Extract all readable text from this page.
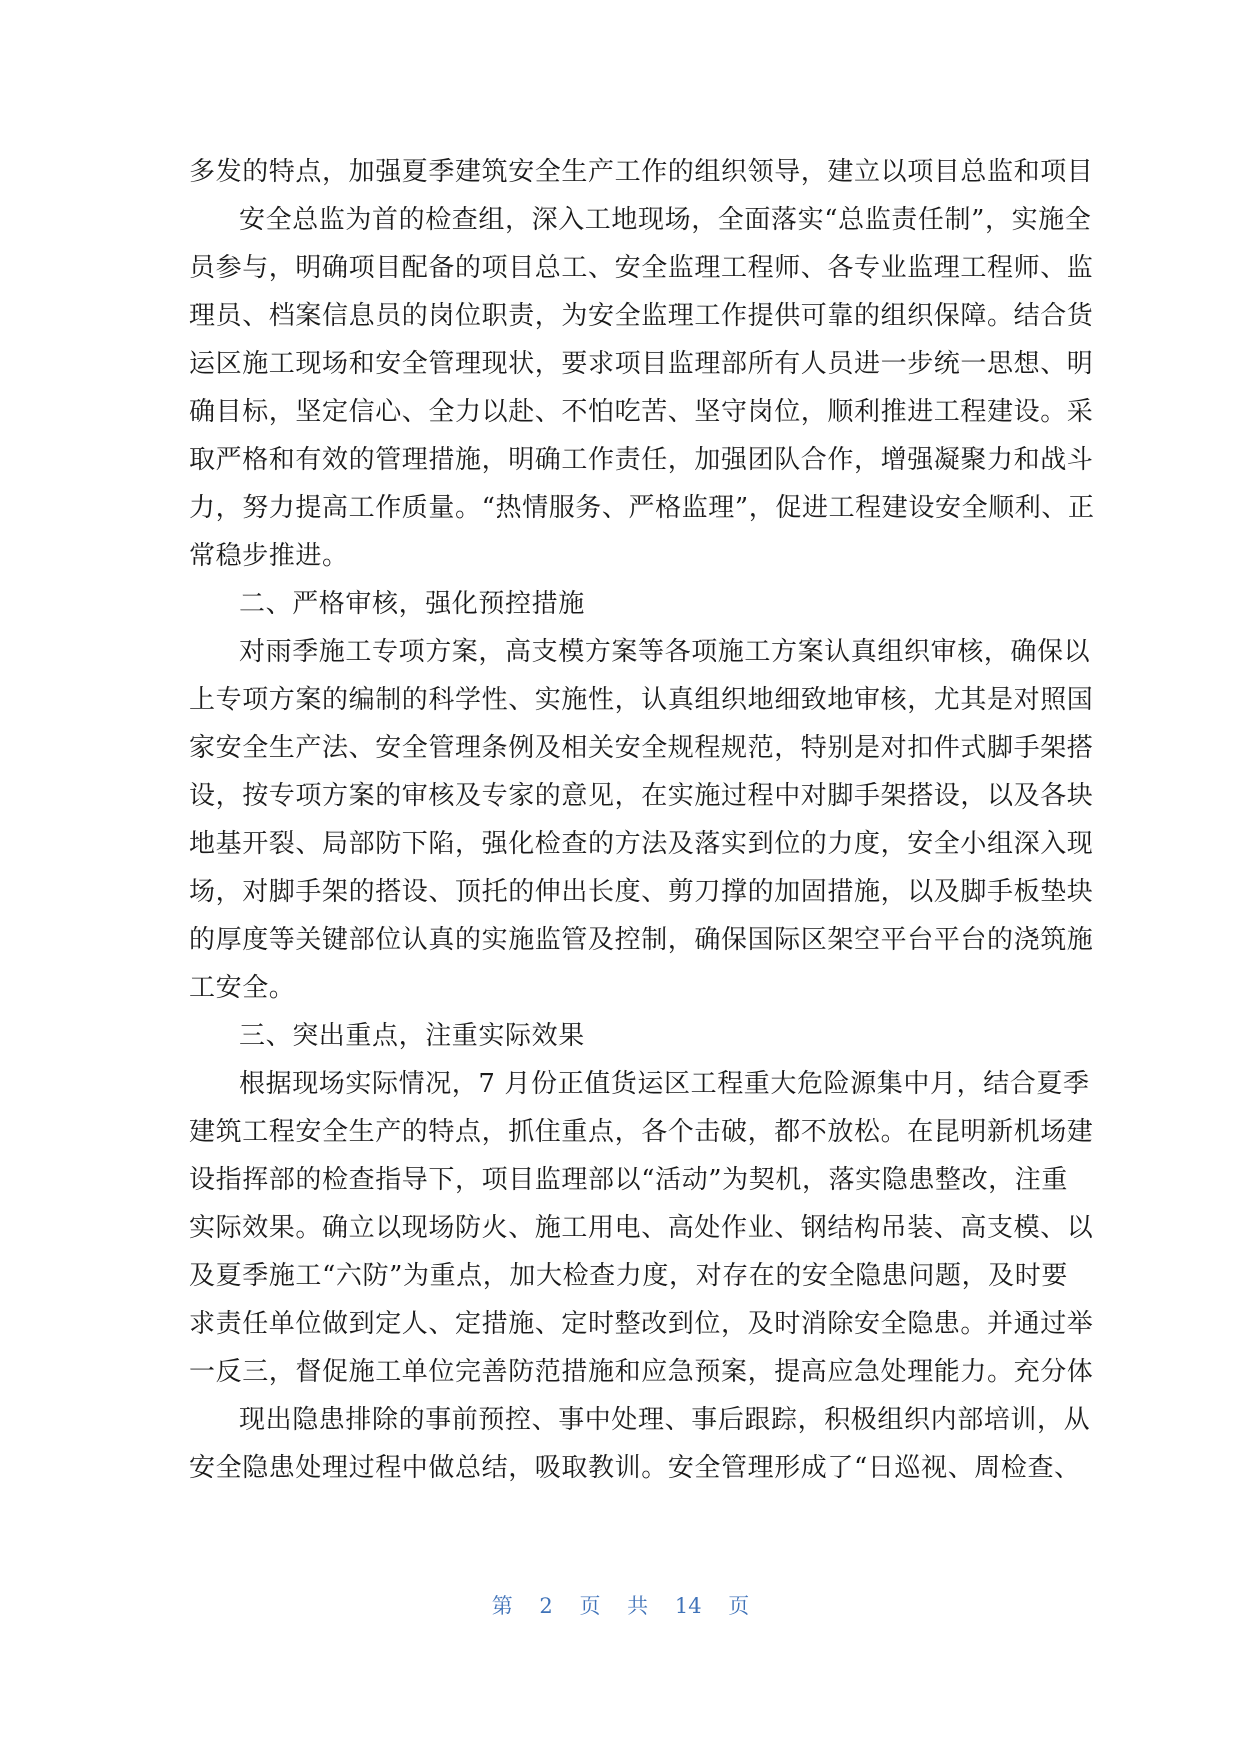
多发的特点，加强夏季建筑安全生产工作的组织领导，建立以项目总监和项目
安全总监为首的检查组，深入工地现场，全面落实“总监责任制”，实施全
员参与，明确项目配备的项目总工、安全监理工程师、各专业监理工程师、监
理员、档案信息员的岗位职责，为安全监理工作提供可靠的组织保障。结合货
运区施工现场和安全管理现状，要求项目监理部所有人员进一步统一思想、明
确目标，坚定信心、全力以赴、不怕吃苦、坚守岗位，顺利推进工程建设。采
取严格和有效的管理措施，明确工作责任，加强团队合作，增强凝聚力和战斗
力，努力提高工作质量。“热情服务、严格监理”，促进工程建设安全顺利、正
常稳步推进。
二、严格审核，强化预控措施
对雨季施工专项方案，高支模方案等各项施工方案认真组织审核，确保以
上专项方案的编制的科学性、实施性，认真组织地细致地审核，尤其是对照国
家安全生产法、安全管理条例及相关安全规程规范，特别是对扣件式脚手架搭
设，按专项方案的审核及专家的意见，在实施过程中对脚手架搭设，以及各块
地基开裂、局部防下陷，强化检查的方法及落实到位的力度，安全小组深入现
场，对脚手架的搭设、顶托的伸出长度、剪刀撑的加固措施，以及脚手板垫块
的厚度等关键部位认真的实施监管及控制，确保国际区架空平台平台的浇筑施
工安全。
三、突出重点，注重实际效果
根据现场实际情况，7 月份正值货运区工程重大危险源集中月，结合夏季
建筑工程安全生产的特点，抓住重点，各个击破，都不放松。在昆明新机场建
设指挥部的检查指导下，项目监理部以“活动”为契机，落实隐患整改，注重
实际效果。确立以现场防火、施工用电、高处作业、钢结构吊装、高支模、以
及夏季施工“六防”为重点，加大检查力度，对存在的安全隐患问题，及时要
求责任单位做到定人、定措施、定时整改到位，及时消除安全隐患。并通过举
一反三，督促施工单位完善防范措施和应急预案，提高应急处理能力。充分体
现出隐患排除的事前预控、事中处理、事后跟踪，积极组织内部培训，从
安全隐患处理过程中做总结，吸取教训。安全管理形成了“日巡视、周检查、
第 2 页 共 14 页
